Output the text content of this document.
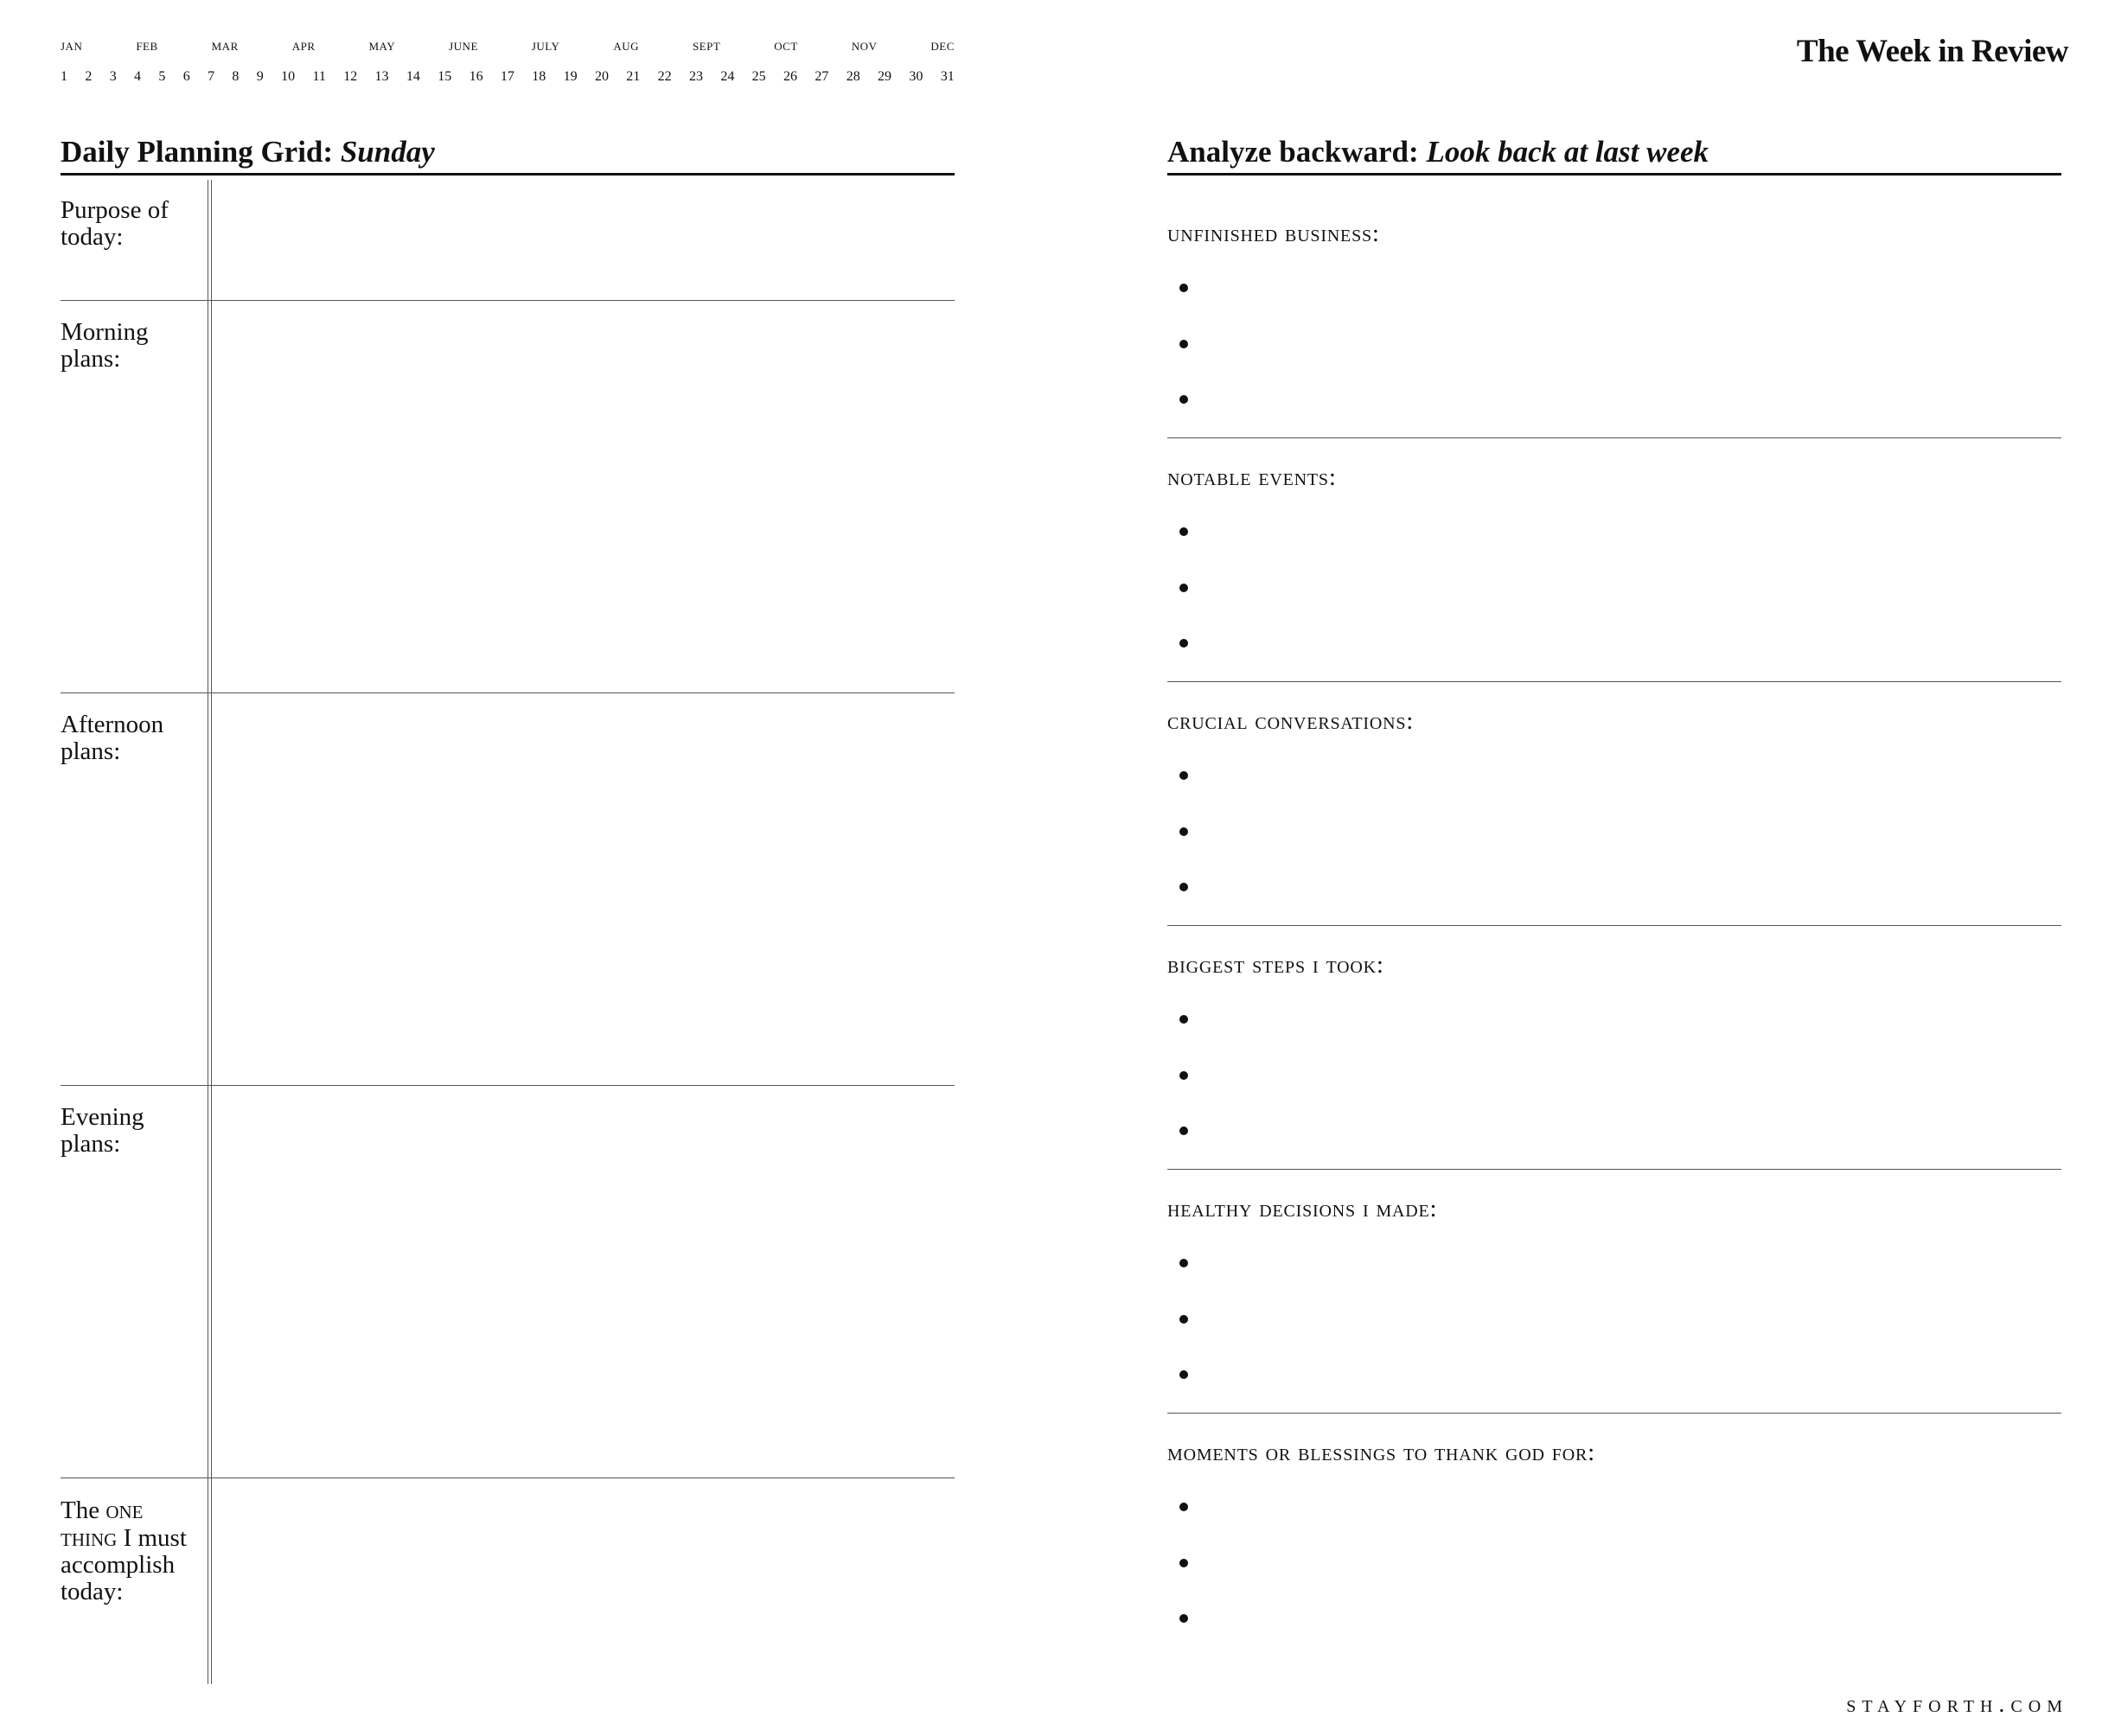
jan	feb	mar	apr	may	june	july	aug	sept	oct	nov	dec
1 2 3 4 5 6 7 8 9 10 11 12 13 14 15 16 17 18 19 20 21 22 23 24 25 26 27 28 29 30 31
The Week in Review
Daily Planning Grid: Sunday
Purpose of today:
Morning plans:
Afternoon plans:
Evening plans:
The one thing I must accomplish today:
Analyze backward: Look back at last week
unfinished business:
notable events:
crucial conversations:
biggest steps i took:
healthy decisions i made:
moments or blessings to thank god for:
stayforth.com
